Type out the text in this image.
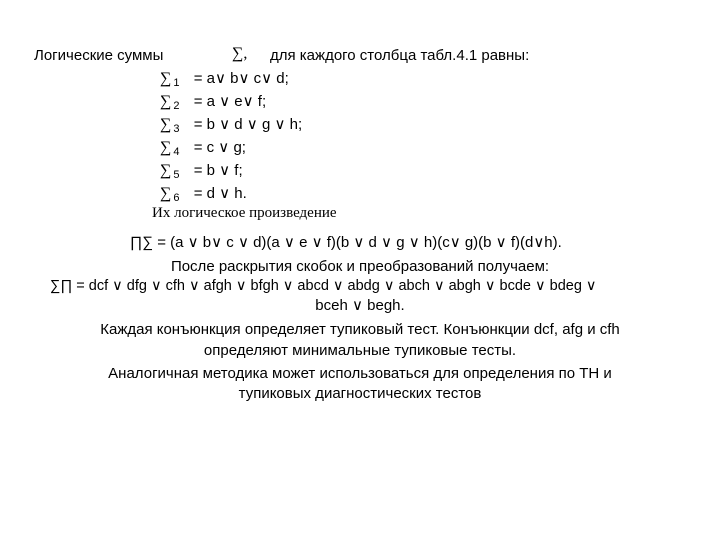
Логические суммы	∑, для каждого столбца табл.4.1 равны:
∑ $_1$ = a∨ b∨ c∨ d;
∑ $_2$ = a ∨ e∨ f;
∑ $_3$ = b ∨ d ∨ g ∨ h;
∑ $_4$ = c ∨ g;
∑ $_5$ = b ∨ f;
∑ $_6$ = d ∨ h.
Их логическое произведение
∏∑ = (a ∨ b∨ c ∨ d)(a ∨ e ∨ f)(b ∨ d ∨ g ∨ h)(c∨ g)(b ∨ f)(d∨h).
После раскрытия скобок и преобразований получаем:
∑∏ = dcf ∨ dfg ∨ cfh ∨ afgh ∨ bfgh ∨ abcd ∨ abdg ∨ abch ∨ abgh ∨ bcde ∨ bdeg ∨
bceh ∨ begh.
Каждая конъюнкция определяет тупиковый тест. Конъюнкции dcf, afg и cfh
определяют минимальные тупиковые тесты.
Аналогичная методика может использоваться для определения по ТН и
тупиковых диагностических тестов
